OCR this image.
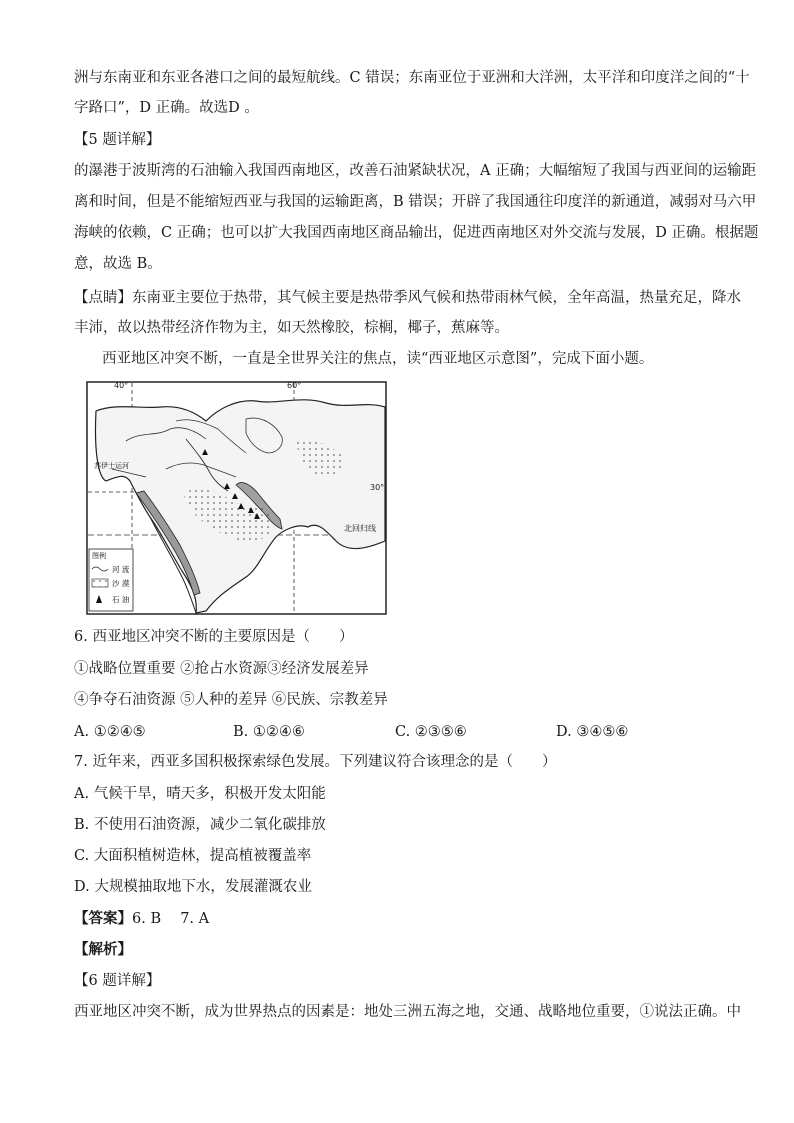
洲与东南亚和东亚各港口之间的最短航线。C 错误；东南亚位于亚洲和大洋洲，太平洋和印度洋之间的“十
字路口”，D 正确。故选D 。
【5 题详解】
的瀑港于波斯湾的石油输入我国西南地区，改善石油紧缺状况，A 正确；大幅缩短了我国与西亚间的运输距
离和时间，但是不能缩短西亚与我国的运输距离，B 错误；开辟了我国通往印度洋的新通道，减弱对马六甲
海峡的依赖，C 正确；也可以扩大我国西南地区商品输出，促进西南地区对外交流与发展，D 正确。根据题
意，故选 B。
【点睛】东南亚主要位于热带，其气候主要是热带季风气候和热带雨林气候，全年高温，热量充足，降水
丰沛，故以热带经济作物为主，如天然橡胶，棕榈，椰子，蕉麻等。
西亚地区冲突不断，一直是全世界关注的焦点，读“西亚地区示意图”，完成下面小题。
40°	60°
30°
苏伊士运河
北回归线
图例
河 流
沙 漠
石 油
6. 西亚地区冲突不断的主要原因是（　　）
①战略位置重要 ②抢占水资源③经济发展差异
④争夺石油资源 ⑤人种的差异 ⑥民族、宗教差异
A. ①②④⑤	B. ①②④⑥	C. ②③⑤⑥	D. ③④⑤⑥
7. 近年来，西亚多国积极探索绿色发展。下列建议符合该理念的是（　　）
A. 气候干旱，晴天多，积极开发太阳能
B. 不使用石油资源，减少二氧化碳排放
C. 大面积植树造林，提高植被覆盖率
D. 大规模抽取地下水，发展灌溉农业
【答案】6. B　 7. A
【解析】
【6 题详解】
西亚地区冲突不断，成为世界热点的因素是：地处三洲五海之地，交通、战略地位重要，①说法正确。中
